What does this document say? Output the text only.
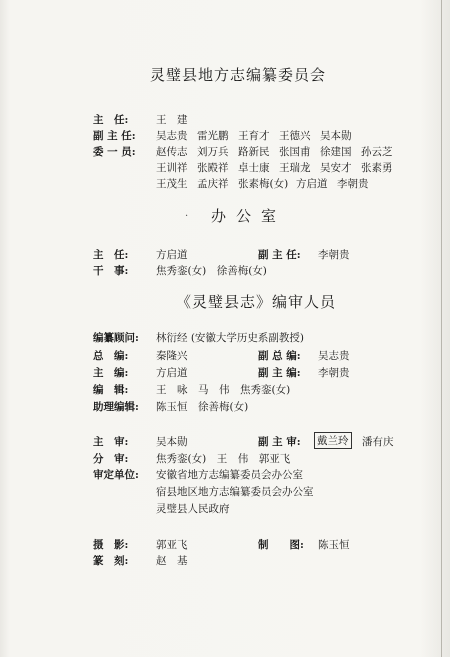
灵璧县地方志编纂委员会
主　任:	王　建
副 主 任: 吴志贵 雷光鹏 王育才 王德兴 吴本勋
委 一 员: 赵传志 刘万兵 路新民 张国甫 徐建国 孙云芝
王训祥 张殿祥 卓士康 王瑞龙 吴安才 张素勇
王茂生 孟庆祥 张素梅(女) 方启道 李朝贵
· 办公室
主　任:	方启道	副 主 任: 李朝贵
干　事:	焦秀銮(女)　徐善梅(女)
《灵璧县志》编审人员
编纂顾问: 林衍经 (安徽大学历史系副教授)
总　编:	秦隆兴	副 总 编: 吴志贵
主　编:	方启道	副 主 编: 李朝贵
编　辑:	王　咏　马　伟　焦秀銮(女)
助理编辑: 陈玉恒　徐善梅(女)
主　审:	吴本勋	副 主 审: 戴兰玲 潘有庆
分　审:	焦秀銮(女)　王　伟　郭亚飞
审定单位: 安徽省地方志编纂委员会办公室
宿县地区地方志编纂委员会办公室
灵璧县人民政府
摄　影:	郭亚飞	制　　图: 陈玉恒
篆　刻:	赵　基
